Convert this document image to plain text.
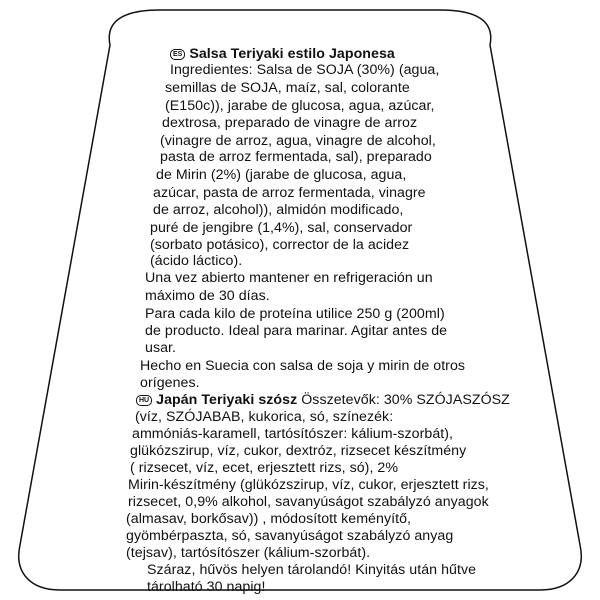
ES Salsa Teriyaki estilo Japonesa
Ingredientes: Salsa de SOJA (30%) (agua,
semillas de SOJA, maíz, sal, colorante
(E150c)), jarabe de glucosa, agua, azúcar,
dextrosa, preparado de vinagre de arroz
(vinagre de arroz, agua, vinagre de alcohol,
pasta de arroz fermentada, sal), preparado
de Mirin (2%) (jarabe de glucosa, agua,
azúcar, pasta de arroz fermentada, vinagre
de arroz, alcohol)), almidón modificado,
puré de jengibre (1,4%), sal, conservador
(sorbato potásico), corrector de la acidez
(ácido láctico).
Una vez abierto mantener en refrigeración un
máximo de 30 días.
Para cada kilo de proteína utilice 250 g (200ml)
de producto. Ideal para marinar. Agitar antes de
usar.
Hecho en Suecia con salsa de soja y mirin de otros
orígenes.
HU Japán Teriyaki szósz Összetevők: 30% SZÓJASZÓSZ
(víz, SZÓJABAB, kukorica, só, színezék:
ammóniás-karamell, tartósítószer: kálium-szorbát),
glükózszirup, víz, cukor, dextróz, rizsecet készítmény
( rizsecet, víz, ecet, erjesztett rizs, só), 2%
Mirin-készítmény (glükózszirup, víz, cukor, erjesztett rizs,
rizsecet, 0,9% alkohol, savanyúságot szabályzó anyagok
(almasav, borkősav)) , módosított keményítő,
gyömbérpaszta, só, savanyúságot szabályzó anyag
(tejsav), tartósítószer (kálium-szorbát).
Száraz, hűvös helyen tárolandó! Kinyitás után hűtve
tárolható 30 napig!
